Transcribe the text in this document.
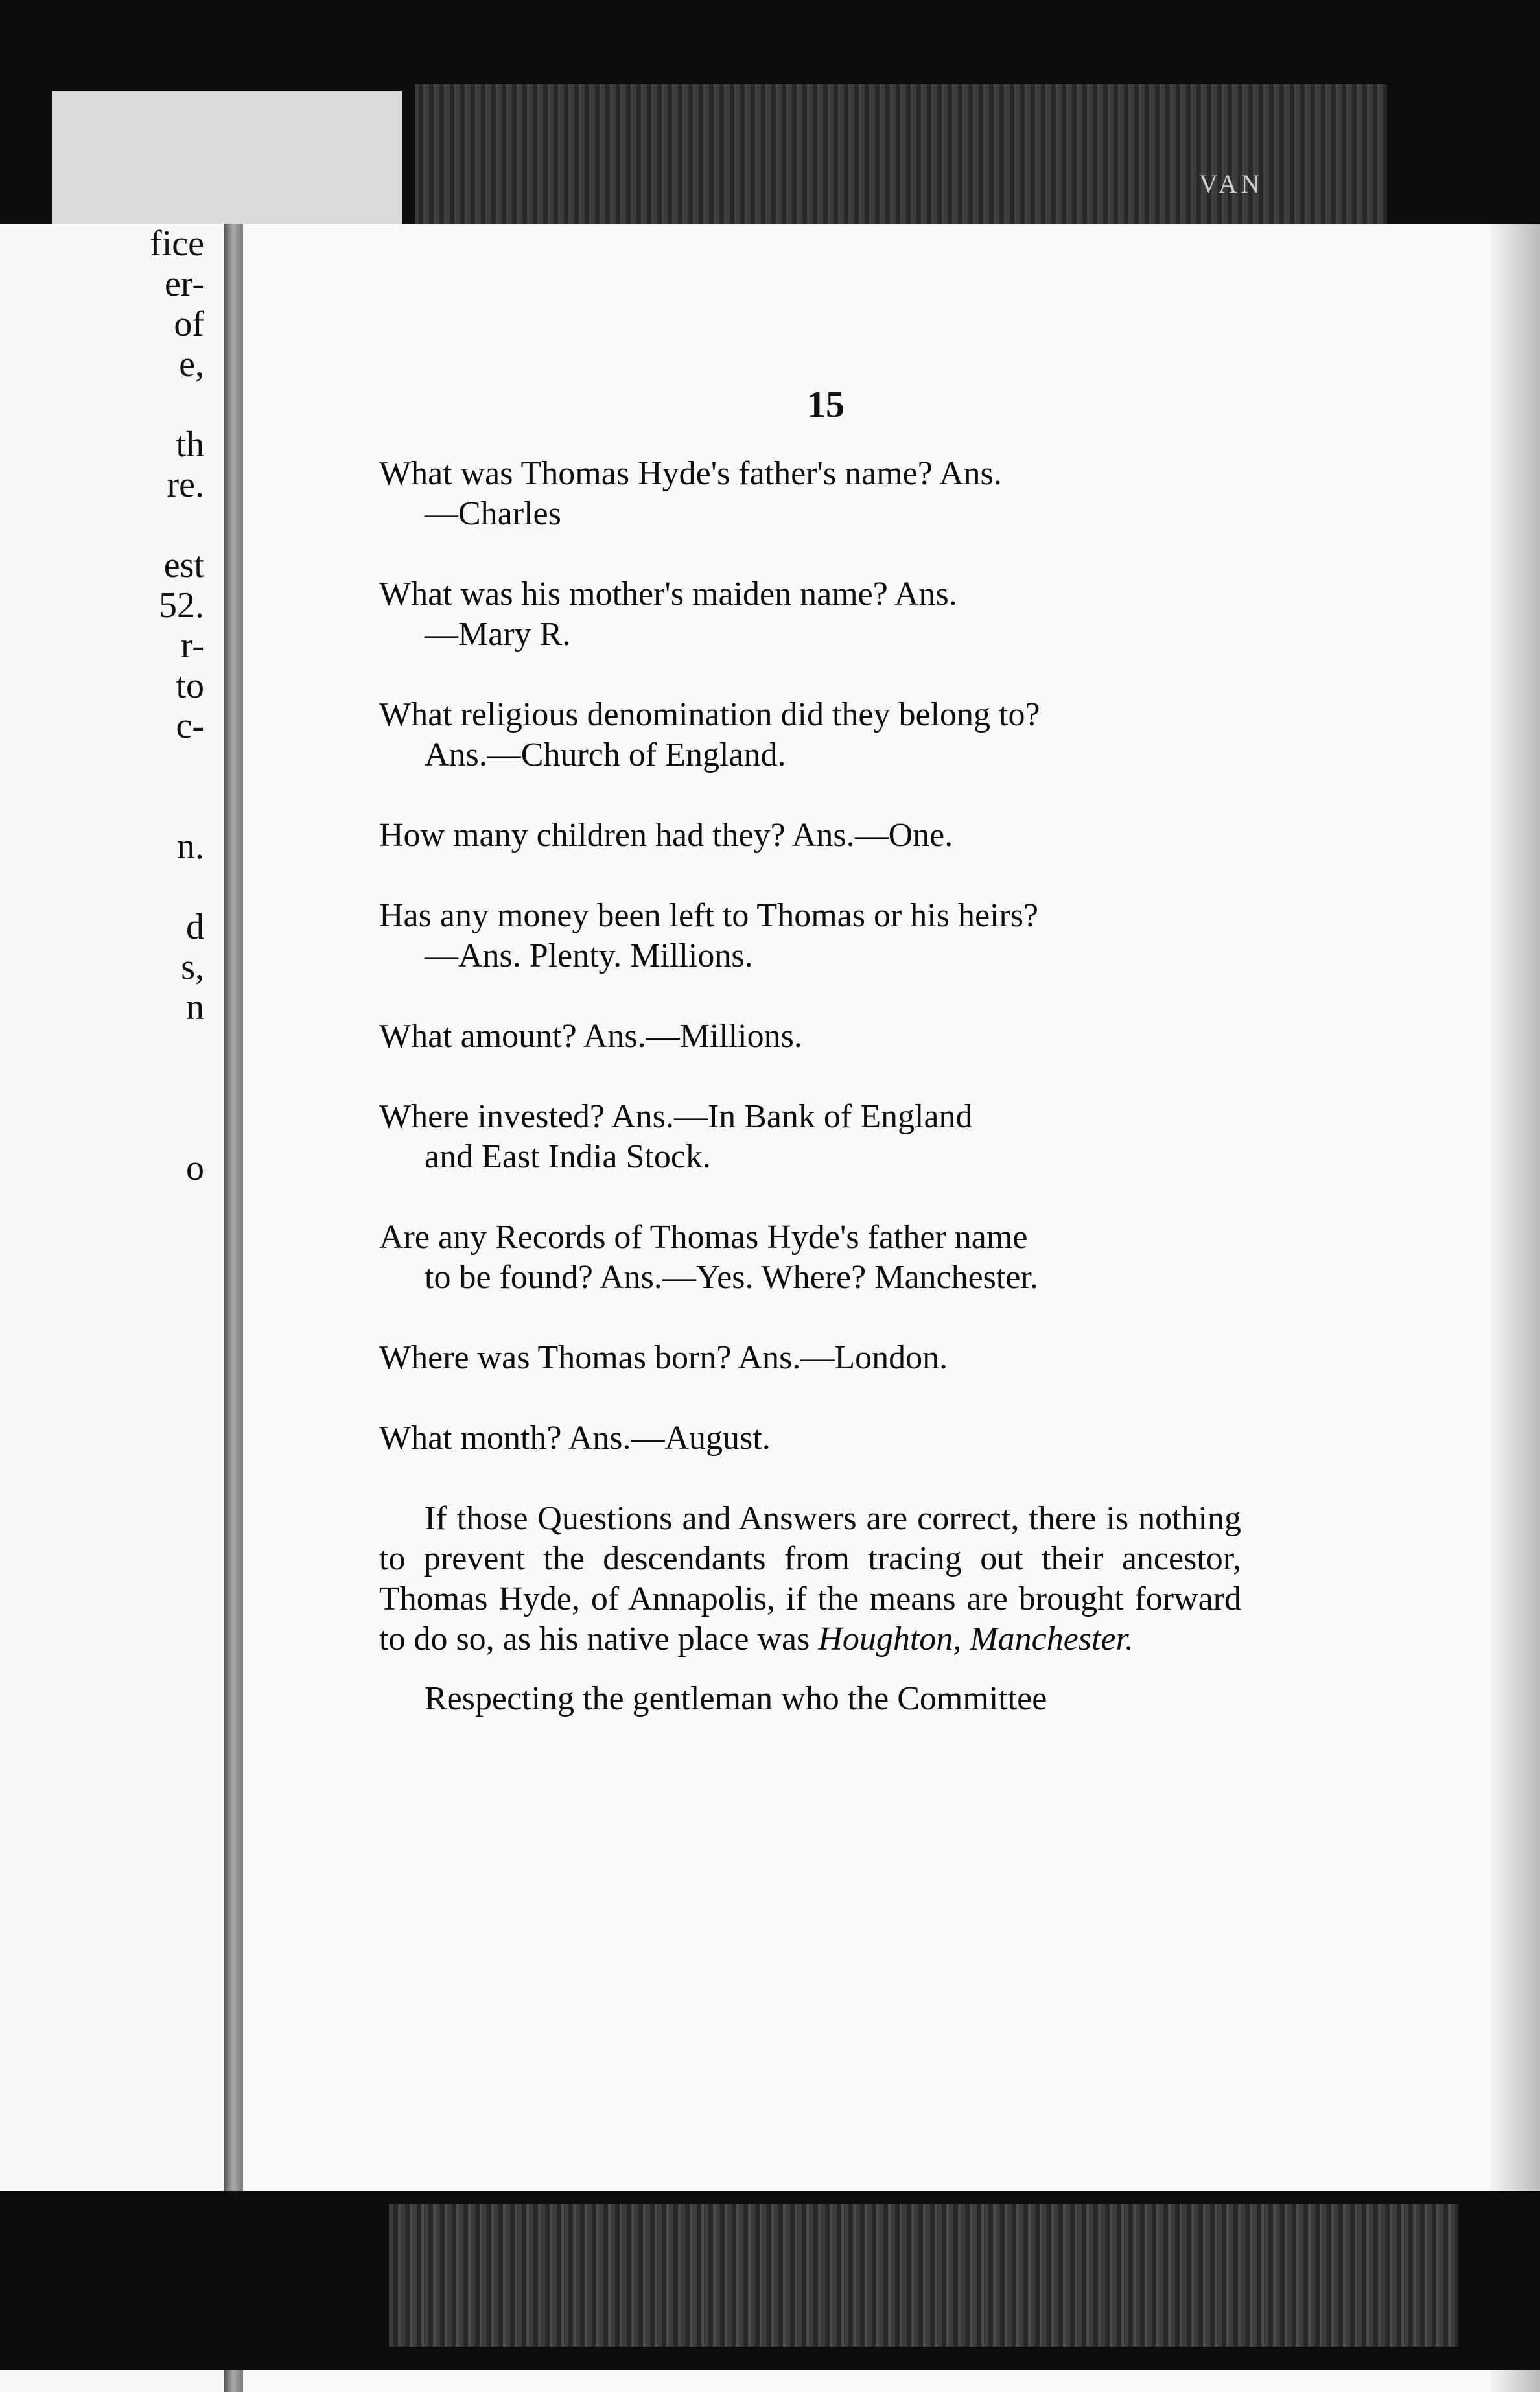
VAN
fice
er-
of
e,
th
re.
est
52.
r-
to
c-
n.
d
s,
n
o
15

What was Thomas Hyde's father's name? Ans.
—Charles

What was his mother's maiden name? Ans.
—Mary R.

What religious denomination did they belong to?
Ans.—Church of England.

How many children had they? Ans.—One.

Has any money been left to Thomas or his heirs?
—Ans. Plenty. Millions.

What amount? Ans.—Millions.

Where invested? Ans.—In Bank of England
and East India Stock.

Are any Records of Thomas Hyde's father name
to be found? Ans.—Yes. Where? Manchester.

Where was Thomas born? Ans.—London.

What month? Ans.—August.

If those Questions and Answers are correct, there is nothing to prevent the descendants from tracing out their ancestor, Thomas Hyde, of Annapolis, if the means are brought forward to do so, as his native place was Houghton, Manchester.

Respecting the gentleman who the Committee
